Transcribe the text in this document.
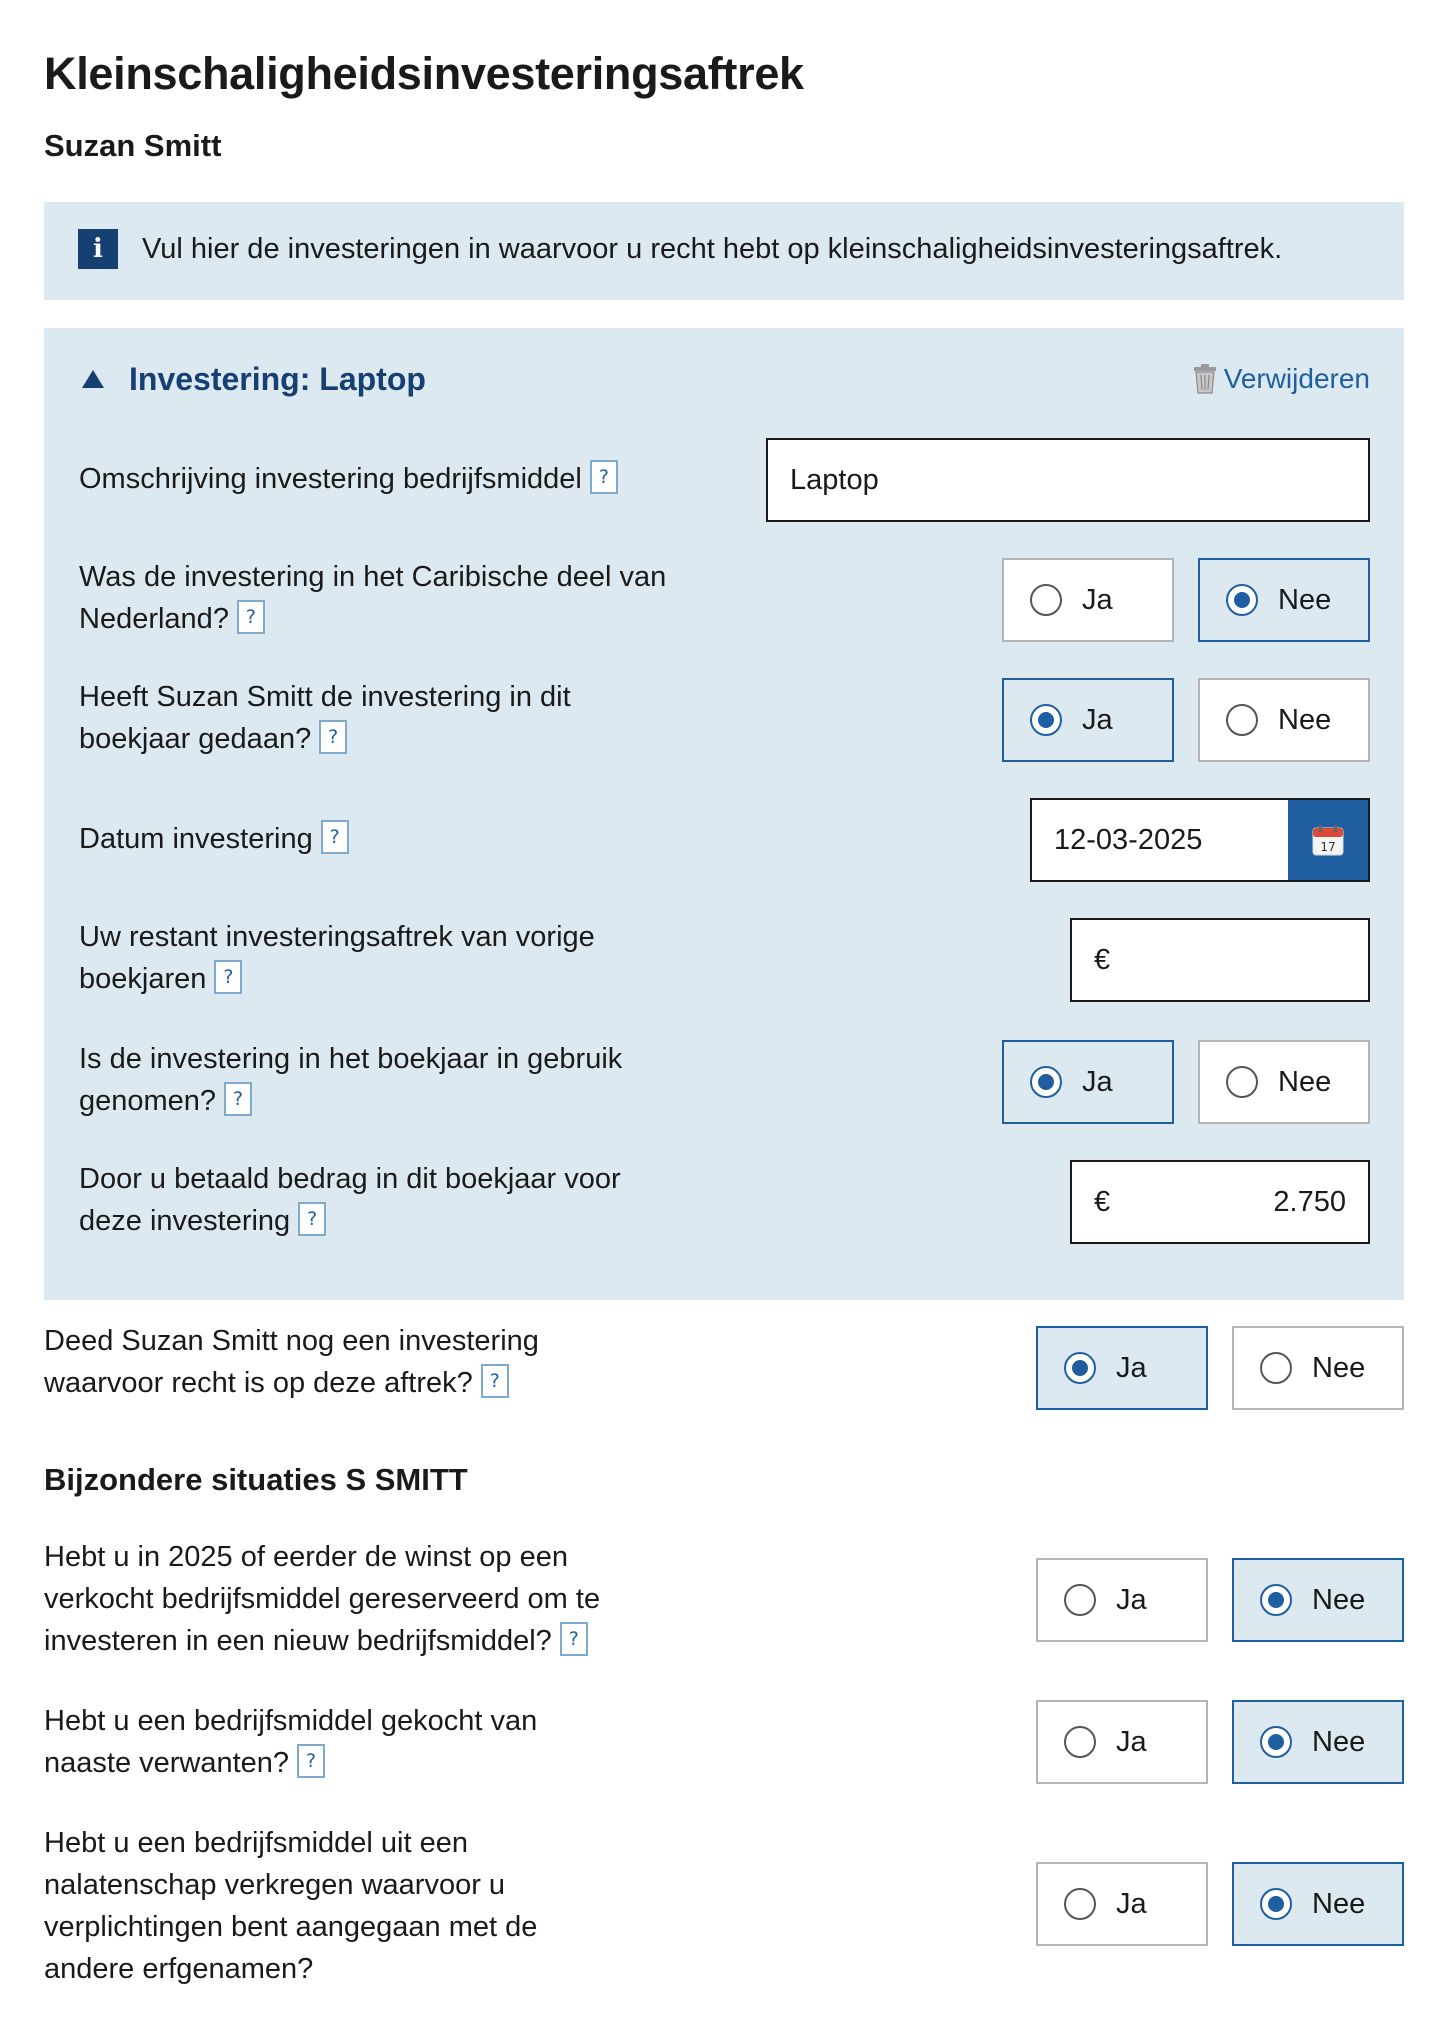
Kleinschaligheidsinvesteringsaftrek
Suzan Smitt
i	Vul hier de investeringen in waarvoor u recht hebt op kleinschaligheidsinvesteringsaftrek.
Investering: Laptop	Verwijderen
Omschrijving investering bedrijfsmiddel ?
Laptop
Was de investering in het Caribische deel van Nederland? ?
Ja	Nee
Heeft Suzan Smitt de investering in dit boekjaar gedaan? ?
Ja	Nee
Datum investering ?	12-03-2025	17
Uw restant investeringsaftrek van vorige boekjaren ?
€
Is de investering in het boekjaar in gebruik genomen? ?
Ja	Nee
Door u betaald bedrag in dit boekjaar voor deze investering ?
€	2.750
Deed Suzan Smitt nog een investering waarvoor recht is op deze aftrek? ?	Ja	Nee
Bijzondere situaties S SMITT
Hebt u in 2025 of eerder de winst op een verkocht bedrijfsmiddel gereserveerd om te investeren in een nieuw bedrijfsmiddel? ?
Ja	Nee
Hebt u een bedrijfsmiddel gekocht van naaste verwanten? ?
Ja	Nee
Hebt u een bedrijfsmiddel uit een nalatenschap verkregen waarvoor u verplichtingen bent aangegaan met de andere erfgenamen?
Ja	Nee
